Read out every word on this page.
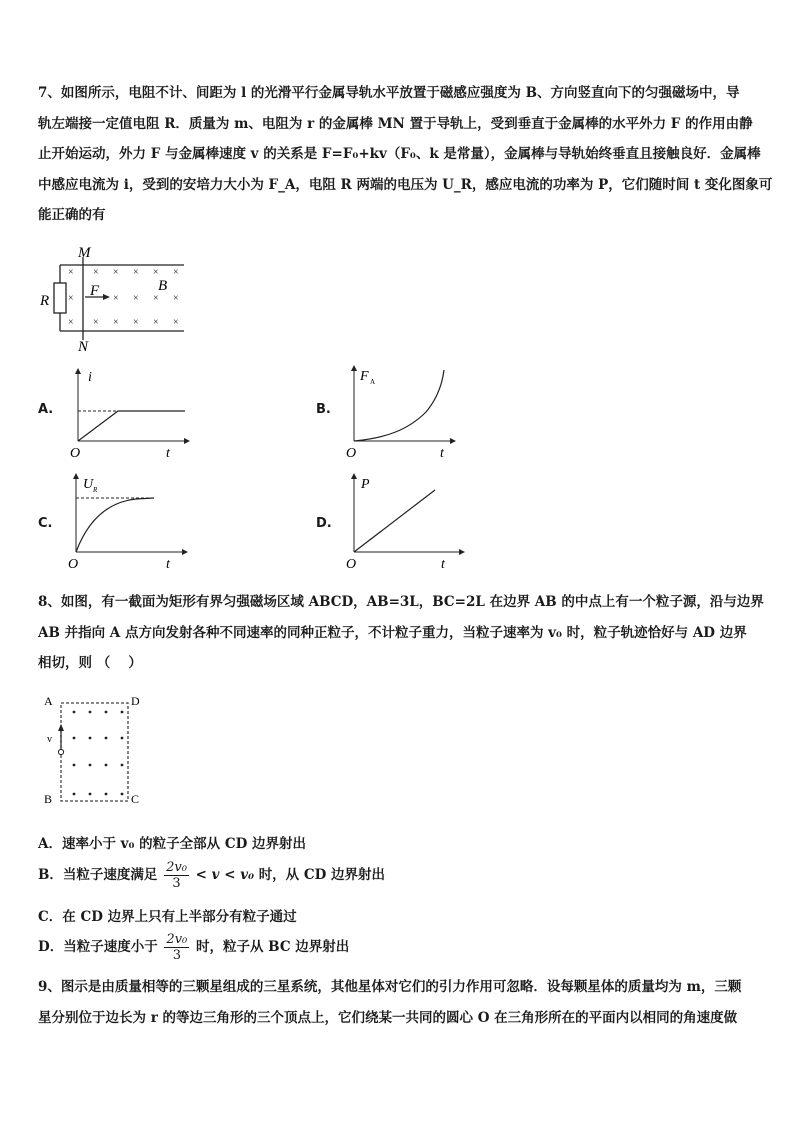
7、如图所示，电阻不计、间距为 l 的光滑平行金属导轨水平放置于磁感应强度为 B、方向竖直向下的匀强磁场中，导
轨左端接一定值电阻 R．质量为 m、电阻为 r 的金属棒 MN 置于导轨上，受到垂直于金属棒的水平外力 F 的作用由静
止开始运动，外力 F 与金属棒速度 v 的关系是 F=F₀+kv（F₀、k 是常量），金属棒与导轨始终垂直且接触良好．金属棒
中感应电流为 i，受到的安培力大小为 F_A，电阻 R 两端的电压为 U_R，感应电流的功率为 P，它们随时间 t 变化图象可
能正确的有
× × × × × ×
×	× × × ×
× × × × × ×
M
N
R
F	B
A.
i
O	t
B.
F A
O	t
C.
U R
O	t
D.
P
O	t
8、如图，有一截面为矩形有界匀强磁场区域 ABCD，AB=3L，BC=2L 在边界 AB 的中点上有一个粒子源，沿与边界
AB 并指向 A 点方向发射各种不同速率的同种正粒子，不计粒子重力，当粒子速率为 v₀ 时，粒子轨迹恰好与 AD 边界
相切，则 （　 ）
A	D
B	C
v
A．速率小于 v₀ 的粒子全部从 CD 边界射出
B．当粒子速度满足 $\frac{\text{2v₀}}{3} < v < v_0$ 时，从 CD 边界射出
C．在 CD 边界上只有上半部分有粒子通过
D．当粒子速度小于 $\frac{\text{2v₀}}{3}$ 时，粒子从 BC 边界射出
9、图示是由质量相等的三颗星组成的三星系统，其他星体对它们的引力作用可忽略．设每颗星体的质量均为 m，三颗
星分别位于边长为 r 的等边三角形的三个顶点上，它们绕某一共同的圆心 O 在三角形所在的平面内以相同的角速度做
